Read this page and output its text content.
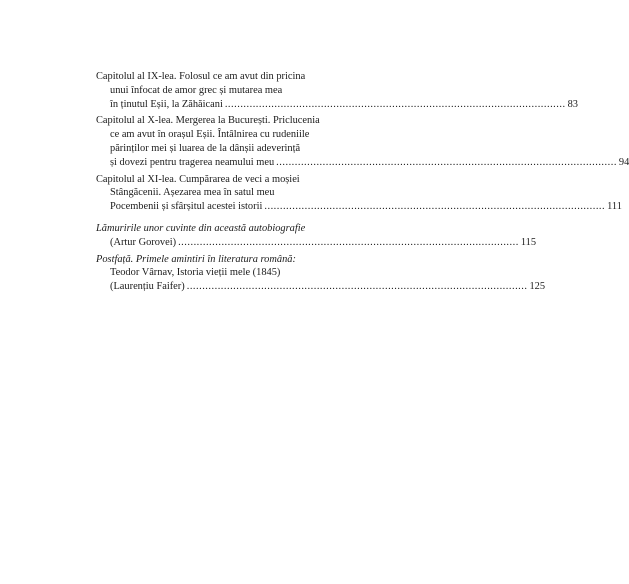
Capitolul al IX-lea. Folosul ce am avut din pricina
unui înfocat de amor grec și mutarea mea
în ținutul Eșii, la Zăhăicani .............................................................................................................. 83
Capitolul al X-lea. Mergerea la București. Priclucenia
ce am avut în orașul Eșii. Întâlnirea cu rudeniile
părinților mei și luarea de la dânșii adeverință
și dovezi pentru tragerea neamului meu .............................................................................................................. 94
Capitolul al XI-lea. Cumpărarea de veci a moșiei
Stângăcenii. Așezarea mea în satul meu
Pocembenii și sfârșitul acestei istorii .............................................................................................................. 111
Lămuririle unor cuvinte din această autobiografie
(Artur Gorovei) .............................................................................................................. 115
Postfață. Primele amintiri în literatura română:
Teodor Vârnav, Istoria vieții mele (1845)
(Laurențiu Faifer) .............................................................................................................. 125
